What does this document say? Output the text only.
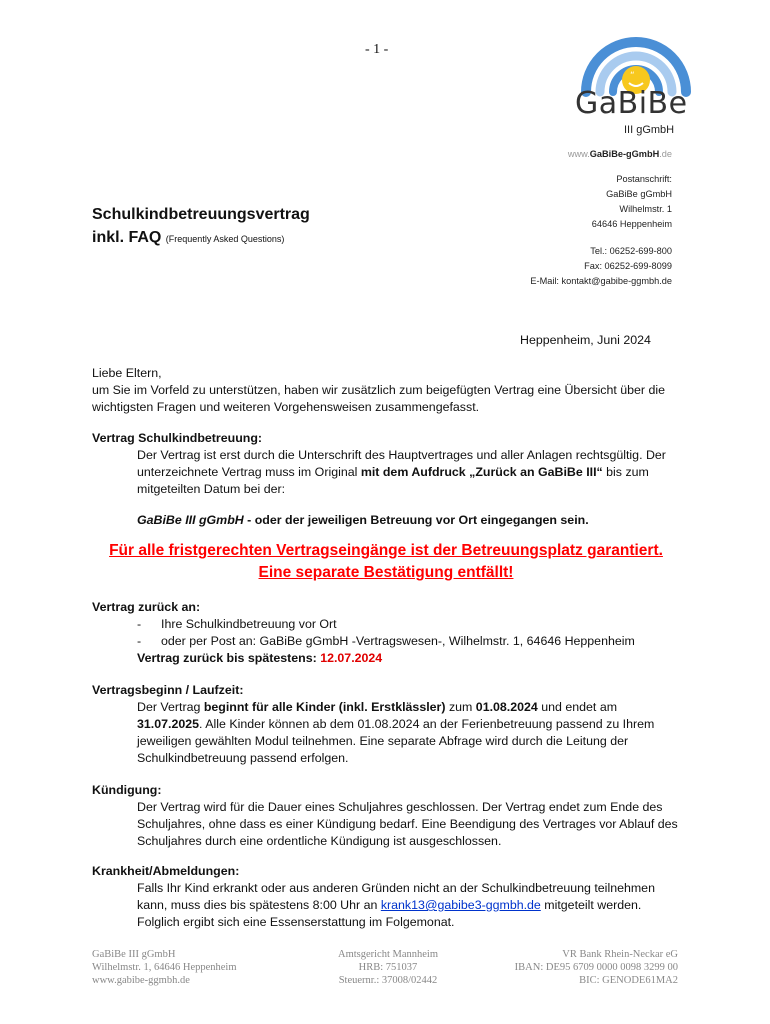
- 1 -
“
GaBiBe
III gGmbH
www.GaBiBe-gGmbH.de
Postanschrift:
GaBiBe gGmbH
Wilhelmstr. 1
64646 Heppenheim
Tel.: 06252-699-800
Fax: 06252-699-8099
E-Mail: kontakt@gabibe-ggmbh.de
Schulkindbetreuungsvertrag
inkl. FAQ (Frequently Asked Questions)
Heppenheim, Juni 2024
Liebe Eltern,
um Sie im Vorfeld zu unterstützen, haben wir zusätzlich zum beigefügten Vertrag eine Übersicht über die wichtigsten Fragen und weiteren Vorgehensweisen zusammengefasst.
Vertrag Schulkindbetreuung:
Der Vertrag ist erst durch die Unterschrift des Hauptvertrages und aller Anlagen rechtsgültig. Der unterzeichnete Vertrag muss im Original mit dem Aufdruck „Zurück an GaBiBe III“ bis zum mitgeteilten Datum bei der:
GaBiBe III gGmbH - oder der jeweiligen Betreuung vor Ort eingegangen sein.
Für alle fristgerechten Vertragseingänge ist der Betreuungsplatz garantiert.
Eine separate Bestätigung entfällt!
Vertrag zurück an:
- Ihre Schulkindbetreuung vor Ort
- oder per Post an: GaBiBe gGmbH -Vertragswesen-, Wilhelmstr. 1, 64646 Heppenheim
Vertrag zurück bis spätestens: 12.07.2024
Vertragsbeginn / Laufzeit:
Der Vertrag beginnt für alle Kinder (inkl. Erstklässler) zum 01.08.2024 und endet am 31.07.2025. Alle Kinder können ab dem 01.08.2024 an der Ferienbetreuung passend zu Ihrem jeweiligen gewählten Modul teilnehmen. Eine separate Abfrage wird durch die Leitung der Schulkindbetreuung passend erfolgen.
Kündigung:
Der Vertrag wird für die Dauer eines Schuljahres geschlossen. Der Vertrag endet zum Ende des Schuljahres, ohne dass es einer Kündigung bedarf. Eine Beendigung des Vertrages vor Ablauf des Schuljahres durch eine ordentliche Kündigung ist ausgeschlossen.
Krankheit/Abmeldungen:
Falls Ihr Kind erkrankt oder aus anderen Gründen nicht an der Schulkindbetreuung teilnehmen kann, muss dies bis spätestens 8:00 Uhr an krank13@gabibe3-ggmbh.de mitgeteilt werden. Folglich ergibt sich eine Essenserstattung im Folgemonat.
GaBiBe III gGmbH
Wilhelmstr. 1, 64646 Heppenheim
www.gabibe-ggmbh.de
Amtsgericht Mannheim
HRB: 751037
Steuernr.: 37008/02442
VR Bank Rhein-Neckar eG
IBAN: DE95 6709 0000 0098 3299 00
BIC: GENODE61MA2
